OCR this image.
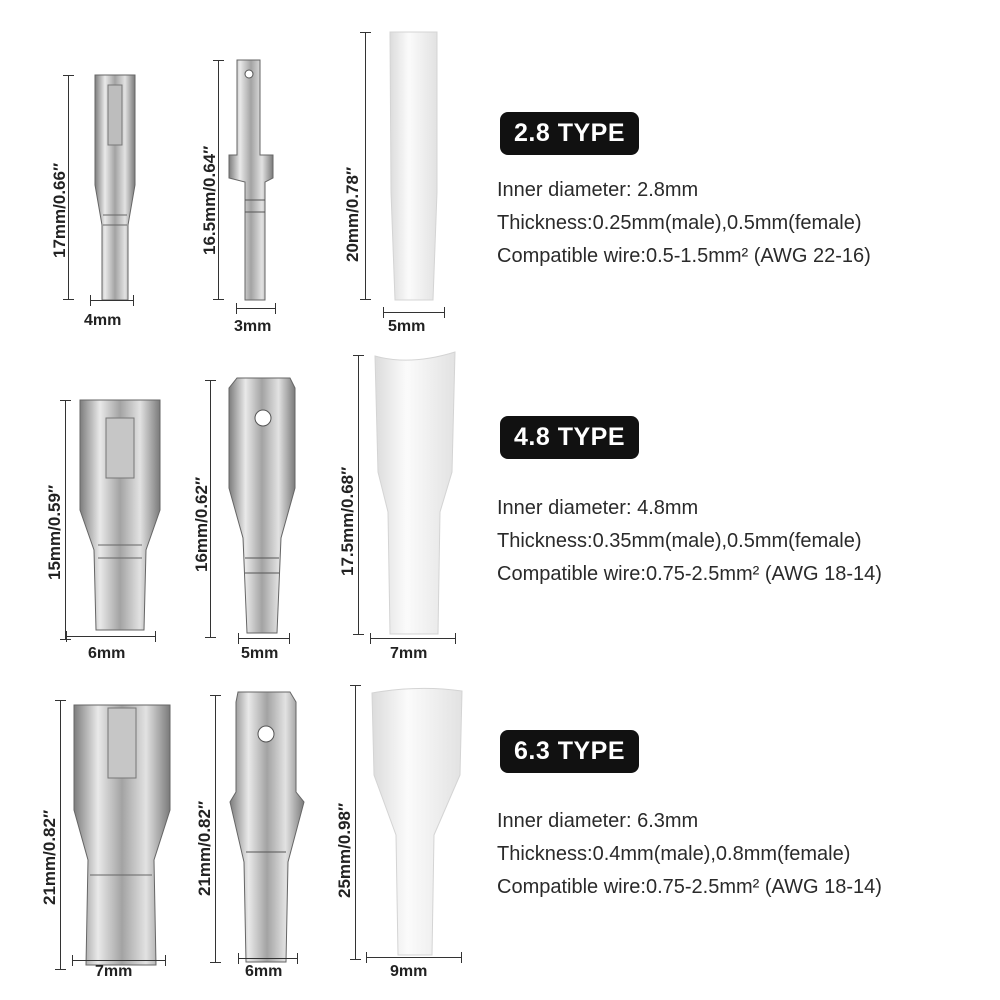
17mm/0.66″
4mm
16.5mm/0.64″
3mm
20mm/0.78″
5mm
2.8 TYPE
Inner diameter: 2.8mm
Thickness:0.25mm(male),0.5mm(female)
Compatible wire:0.5-1.5mm² (AWG 22-16)
15mm/0.59″
6mm
16mm/0.62″
5mm
17.5mm/0.68″
7mm
4.8 TYPE
Inner diameter: 4.8mm
Thickness:0.35mm(male),0.5mm(female)
Compatible wire:0.75-2.5mm² (AWG 18-14)
21mm/0.82″
7mm
21mm/0.82″
6mm
25mm/0.98″
9mm
6.3 TYPE
Inner diameter: 6.3mm
Thickness:0.4mm(male),0.8mm(female)
Compatible wire:0.75-2.5mm² (AWG 18-14)
